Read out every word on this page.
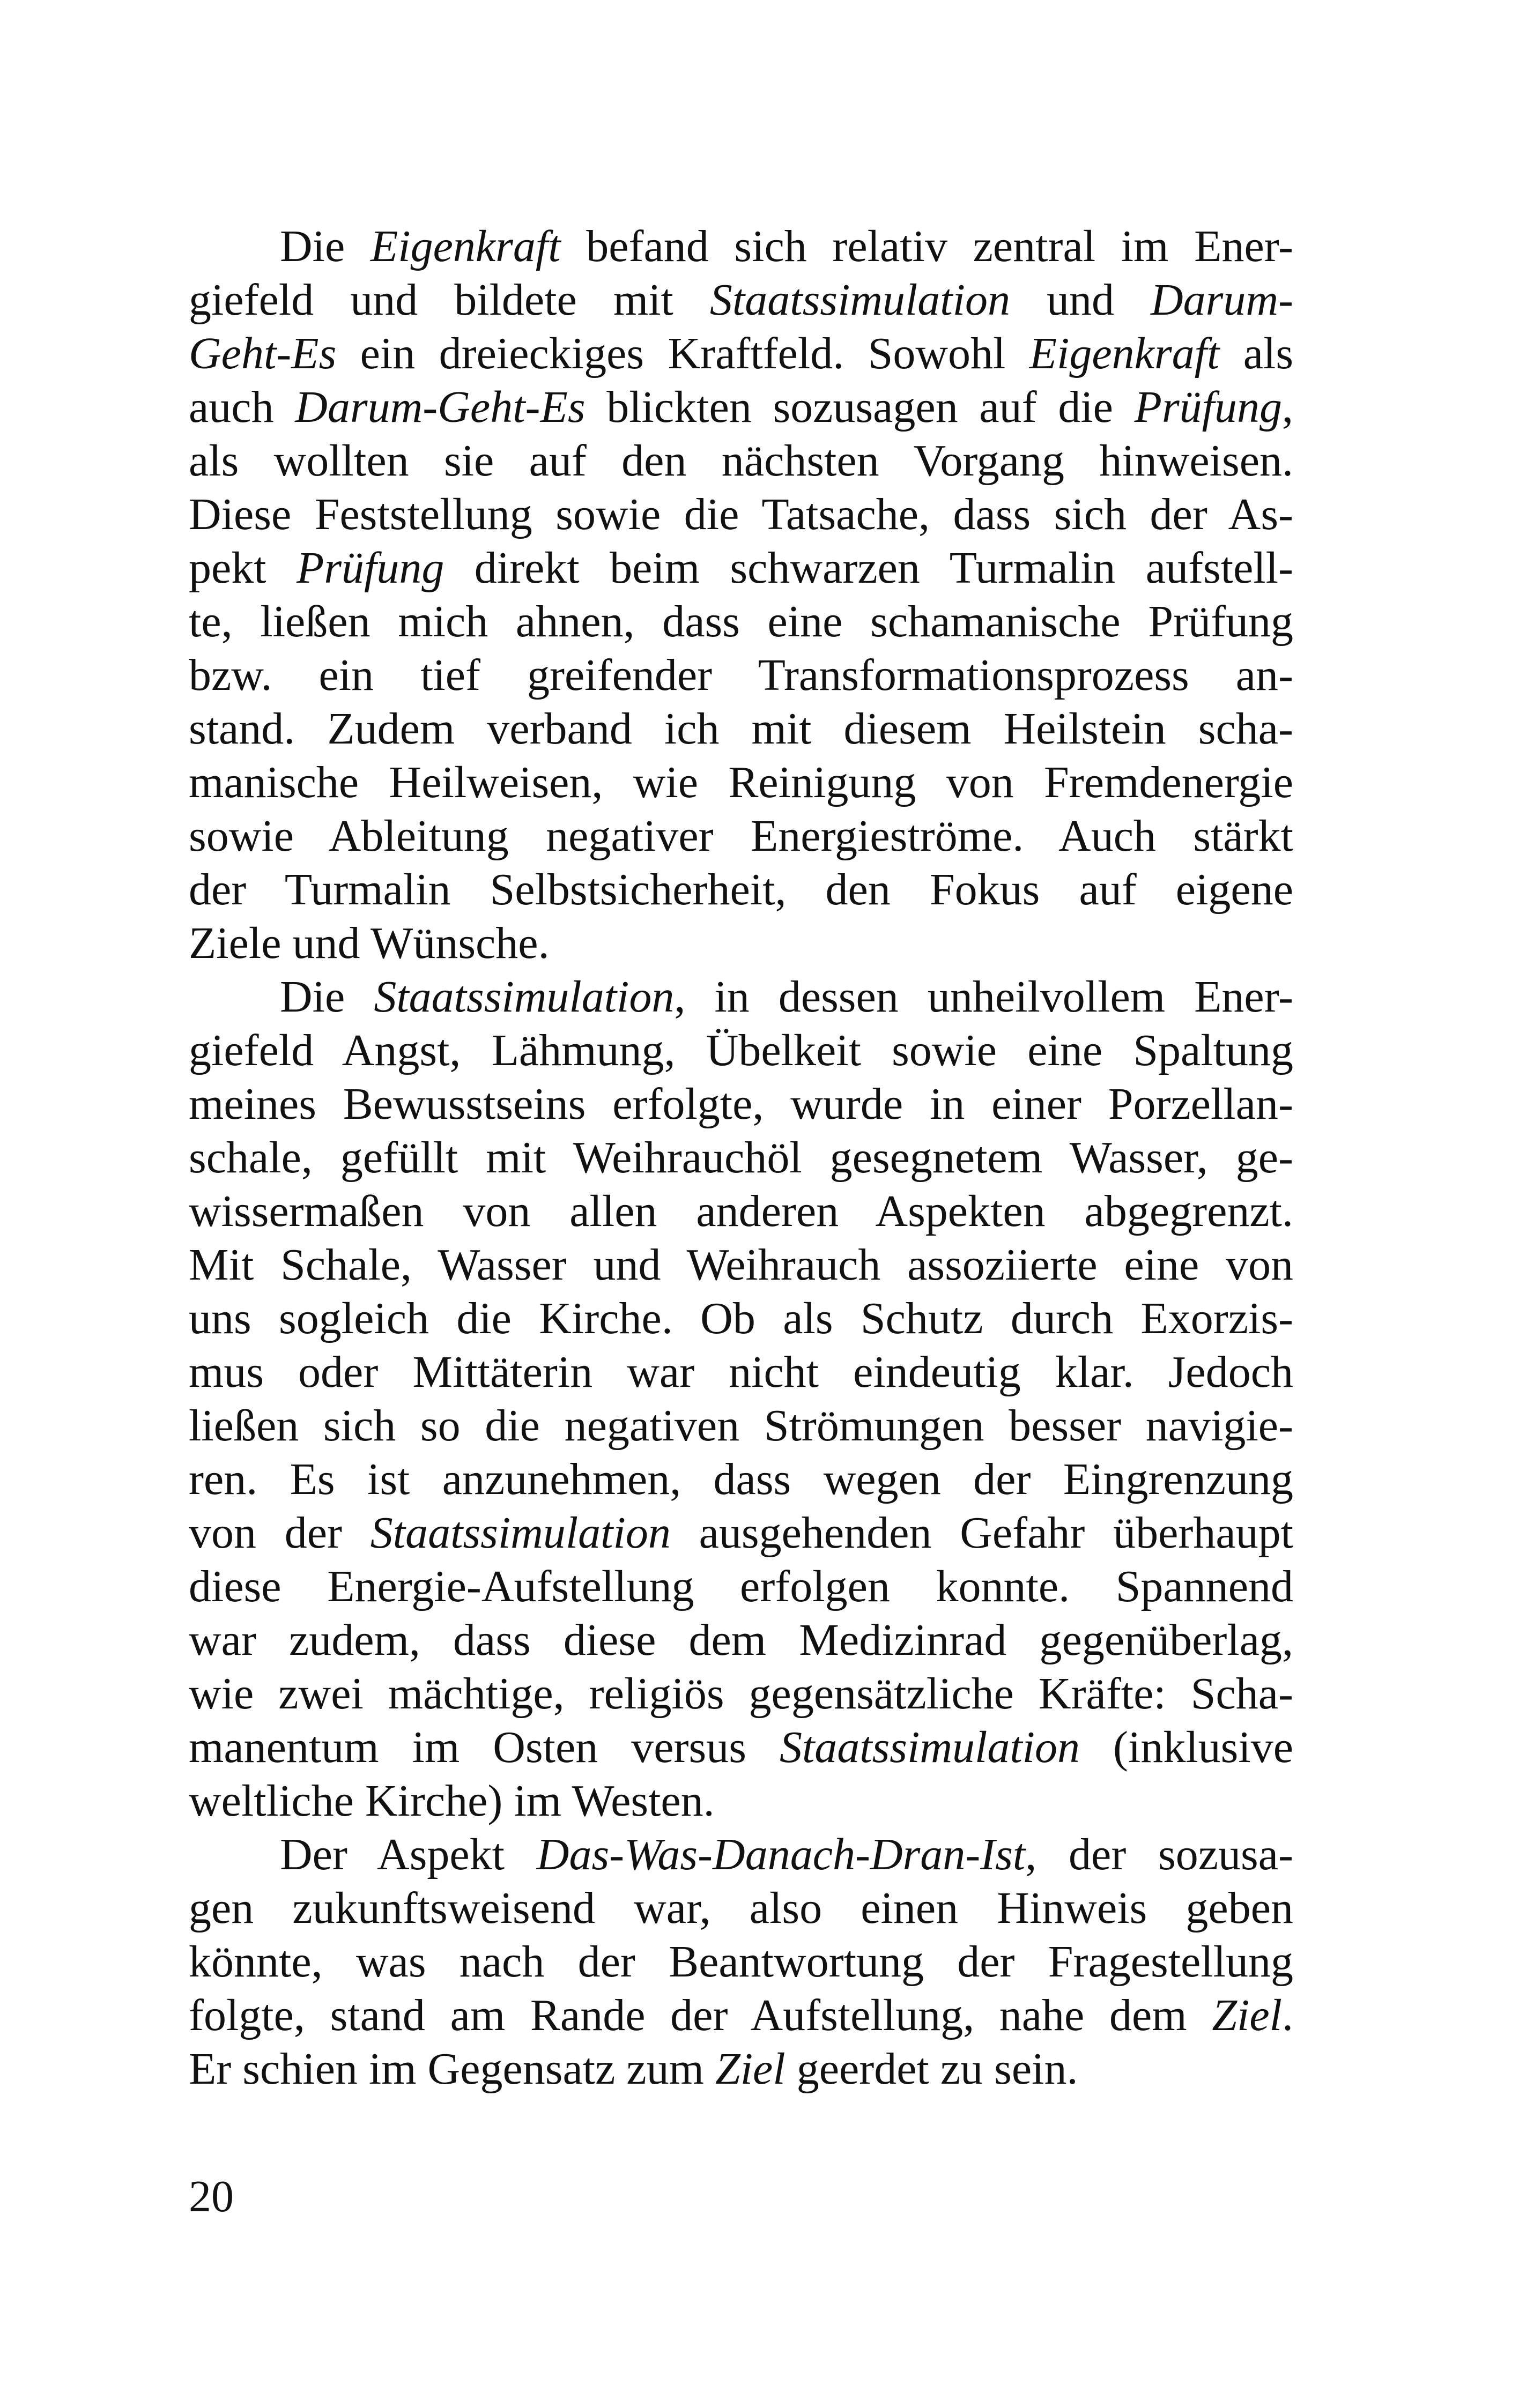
Die Eigenkraft befand sich relativ zentral im Ener-
giefeld und bildete mit Staatssimulation und Darum-
Geht-Es ein dreieckiges Kraftfeld. Sowohl Eigenkraft als
auch Darum-Geht-Es blickten sozusagen auf die Prüfung,
als wollten sie auf den nächsten Vorgang hinweisen.
Diese Feststellung sowie die Tatsache, dass sich der As-
pekt Prüfung direkt beim schwarzen Turmalin aufstell-
te, ließen mich ahnen, dass eine schamanische Prüfung
bzw. ein tief greifender Transformationsprozess an-
stand. Zudem verband ich mit diesem Heilstein scha-
manische Heilweisen, wie Reinigung von Fremdenergie
sowie Ableitung negativer Energieströme. Auch stärkt
der Turmalin Selbstsicherheit, den Fokus auf eigene
Ziele und Wünsche.
Die Staatssimulation, in dessen unheilvollem Ener-
giefeld Angst, Lähmung, Übelkeit sowie eine Spaltung
meines Bewusstseins erfolgte, wurde in einer Porzellan-
schale, gefüllt mit Weihrauchöl gesegnetem Wasser, ge-
wissermaßen von allen anderen Aspekten abgegrenzt.
Mit Schale, Wasser und Weihrauch assoziierte eine von
uns sogleich die Kirche. Ob als Schutz durch Exorzis-
mus oder Mittäterin war nicht eindeutig klar. Jedoch
ließen sich so die negativen Strömungen besser navigie-
ren. Es ist anzunehmen, dass wegen der Eingrenzung
von der Staatssimulation ausgehenden Gefahr überhaupt
diese Energie-Aufstellung erfolgen konnte. Spannend
war zudem, dass diese dem Medizinrad gegenüberlag,
wie zwei mächtige, religiös gegensätzliche Kräfte: Scha-
manentum im Osten versus Staatssimulation (inklusive
weltliche Kirche) im Westen.
Der Aspekt Das-Was-Danach-Dran-Ist, der sozusa-
gen zukunftsweisend war, also einen Hinweis geben
könnte, was nach der Beantwortung der Fragestellung
folgte, stand am Rande der Aufstellung, nahe dem Ziel.
Er schien im Gegensatz zum Ziel geerdet zu sein.
20
